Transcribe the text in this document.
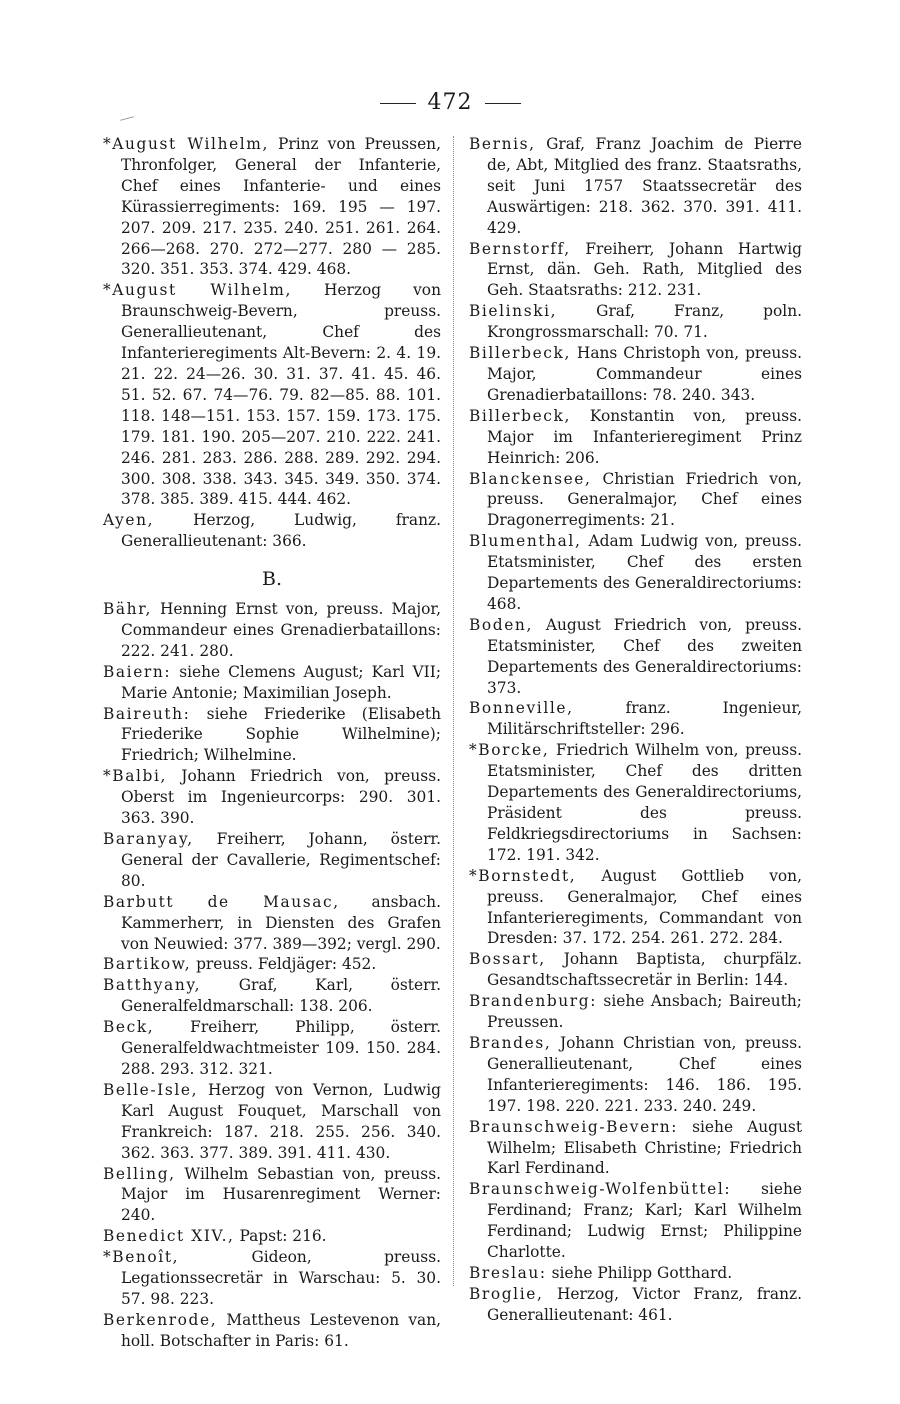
472
*August Wilhelm, Prinz von Preussen, Thronfolger, General der Infanterie, Chef eines Infanterie- und eines Kürassierregiments: 169. 195 — 197. 207. 209. 217. 235. 240. 251. 261. 264. 266—268. 270. 272—277. 280 — 285. 320. 351. 353. 374. 429. 468.
*August Wilhelm, Herzog von Braunschweig-Bevern, preuss. Generallieutenant, Chef des Infanterieregiments Alt-Bevern: 2. 4. 19. 21. 22. 24—26. 30. 31. 37. 41. 45. 46. 51. 52. 67. 74—76. 79. 82—85. 88. 101. 118. 148—151. 153. 157. 159. 173. 175. 179. 181. 190. 205—207. 210. 222. 241. 246. 281. 283. 286. 288. 289. 292. 294. 300. 308. 338. 343. 345. 349. 350. 374. 378. 385. 389. 415. 444. 462.
Ayen, Herzog, Ludwig, franz. Generallieutenant: 366.
B.
Bähr, Henning Ernst von, preuss. Major, Commandeur eines Grenadierbataillons: 222. 241. 280.
Baiern: siehe Clemens August; Karl VII; Marie Antonie; Maximilian Joseph.
Baireuth: siehe Friederike (Elisabeth Friederike Sophie Wilhelmine); Friedrich; Wilhelmine.
*Balbi, Johann Friedrich von, preuss. Oberst im Ingenieurcorps: 290. 301. 363. 390.
Baranyay, Freiherr, Johann, österr. General der Cavallerie, Regimentschef: 80.
Barbutt de Mausac, ansbach. Kammerherr, in Diensten des Grafen von Neuwied: 377. 389—392; vergl. 290.
Bartikow, preuss. Feldjäger: 452.
Batthyany, Graf, Karl, österr. Generalfeldmarschall: 138. 206.
Beck, Freiherr, Philipp, österr. Generalfeldwachtmeister 109. 150. 284. 288. 293. 312. 321.
Belle-Isle, Herzog von Vernon, Ludwig Karl August Fouquet, Marschall von Frankreich: 187. 218. 255. 256. 340. 362. 363. 377. 389. 391. 411. 430.
Belling, Wilhelm Sebastian von, preuss. Major im Husarenregiment Werner: 240.
Benedict XIV., Papst: 216.
*Benoît, Gideon, preuss. Legationssecretär in Warschau: 5. 30. 57. 98. 223.
Berkenrode, Mattheus Lestevenon van, holl. Botschafter in Paris: 61.
Bernis, Graf, Franz Joachim de Pierre de, Abt, Mitglied des franz. Staatsraths, seit Juni 1757 Staatssecretär des Auswärtigen: 218. 362. 370. 391. 411. 429.
Bernstorff, Freiherr, Johann Hartwig Ernst, dän. Geh. Rath, Mitglied des Geh. Staatsraths: 212. 231.
Bielinski, Graf, Franz, poln. Krongrossmarschall: 70. 71.
Billerbeck, Hans Christoph von, preuss. Major, Commandeur eines Grenadierbataillons: 78. 240. 343.
Billerbeck, Konstantin von, preuss. Major im Infanterieregiment Prinz Heinrich: 206.
Blanckensee, Christian Friedrich von, preuss. Generalmajor, Chef eines Dragonerregiments: 21.
Blumenthal, Adam Ludwig von, preuss. Etatsminister, Chef des ersten Departements des Generaldirectoriums: 468.
Boden, August Friedrich von, preuss. Etatsminister, Chef des zweiten Departements des Generaldirectoriums: 373.
Bonneville, franz. Ingenieur, Militärschriftsteller: 296.
*Borcke, Friedrich Wilhelm von, preuss. Etatsminister, Chef des dritten Departements des Generaldirectoriums, Präsident des preuss. Feldkriegsdirectoriums in Sachsen: 172. 191. 342.
*Bornstedt, August Gottlieb von, preuss. Generalmajor, Chef eines Infanterieregiments, Commandant von Dresden: 37. 172. 254. 261. 272. 284.
Bossart, Johann Baptista, churpfälz. Gesandtschaftssecretär in Berlin: 144.
Brandenburg: siehe Ansbach; Baireuth; Preussen.
Brandes, Johann Christian von, preuss. Generallieutenant, Chef eines Infanterieregiments: 146. 186. 195. 197. 198. 220. 221. 233. 240. 249.
Braunschweig-Bevern: siehe August Wilhelm; Elisabeth Christine; Friedrich Karl Ferdinand.
Braunschweig-Wolfenbüttel: siehe Ferdinand; Franz; Karl; Karl Wilhelm Ferdinand; Ludwig Ernst; Philippine Charlotte.
Breslau: siehe Philipp Gotthard.
Broglie, Herzog, Victor Franz, franz. Generallieutenant: 461.
